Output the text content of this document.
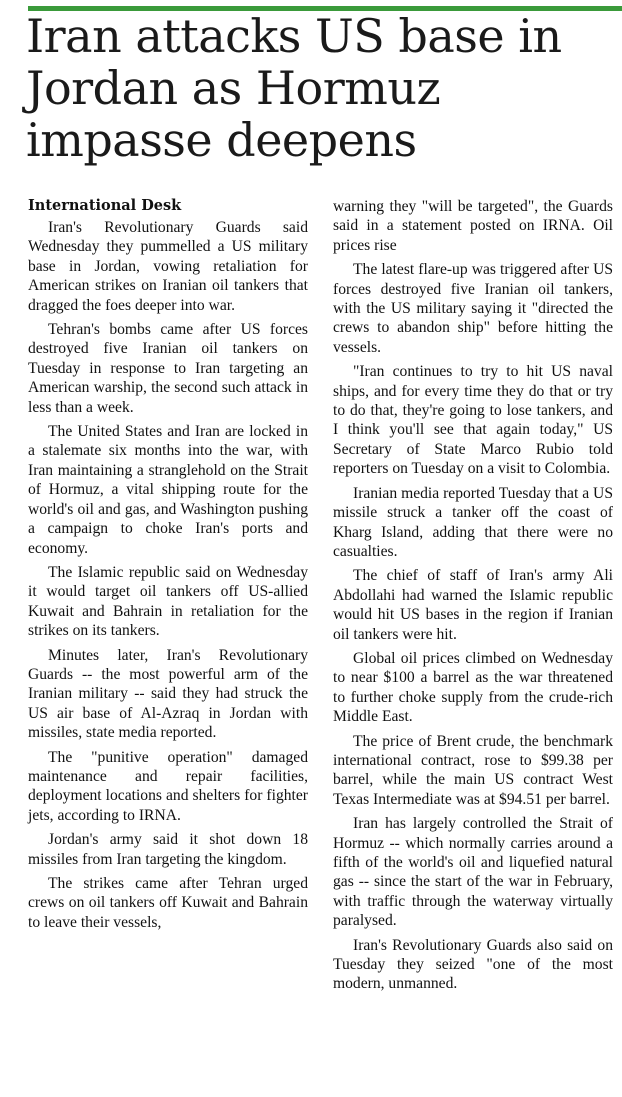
Iran attacks US base in
Jordan as Hormuz
impasse deepens
International Desk

Iran's Revolutionary Guards said Wednesday they pummelled a US military base in Jordan, vowing retaliation for American strikes on Iranian oil tankers that dragged the foes deeper into war.

Tehran's bombs came after US forces destroyed five Iranian oil tankers on Tuesday in response to Iran targeting an American warship, the second such attack in less than a week.

The United States and Iran are locked in a stalemate six months into the war, with Iran maintaining a stranglehold on the Strait of Hormuz, a vital shipping route for the world's oil and gas, and Washington pushing a campaign to choke Iran's ports and economy.

The Islamic republic said on Wednesday it would target oil tankers off US-allied Kuwait and Bahrain in retaliation for the strikes on its tankers.

Minutes later, Iran's Revolutionary Guards -- the most powerful arm of the Iranian military -- said they had struck the US air base of Al-Azraq in Jordan with missiles, state media reported.

The "punitive operation" damaged maintenance and repair facilities, deployment locations and shelters for fighter jets, according to IRNA.

Jordan's army said it shot down 18 missiles from Iran targeting the kingdom.

The strikes came after Tehran urged crews on oil tankers off Kuwait and Bahrain to leave their vessels,

warning they "will be targeted", the Guards said in a statement posted on IRNA. Oil prices rise

The latest flare-up was triggered after US forces destroyed five Iranian oil tankers, with the US military saying it "directed the crews to abandon ship" before hitting the vessels.

"Iran continues to try to hit US naval ships, and for every time they do that or try to do that, they're going to lose tankers, and I think you'll see that again today," US Secretary of State Marco Rubio told reporters on Tuesday on a visit to Colombia.

Iranian media reported Tuesday that a US missile struck a tanker off the coast of Kharg Island, adding that there were no casualties.

The chief of staff of Iran's army Ali Abdollahi had warned the Islamic republic would hit US bases in the region if Iranian oil tankers were hit.

Global oil prices climbed on Wednesday to near $100 a barrel as the war threatened to further choke supply from the crude-rich Middle East.

The price of Brent crude, the benchmark international contract, rose to $99.38 per barrel, while the main US contract West Texas Intermediate was at $94.51 per barrel.

Iran has largely controlled the Strait of Hormuz -- which normally carries around a fifth of the world's oil and liquefied natural gas -- since the start of the war in February, with traffic through the waterway virtually paralysed.

Iran's Revolutionary Guards also said on Tuesday they seized "one of the most modern, unmanned.
